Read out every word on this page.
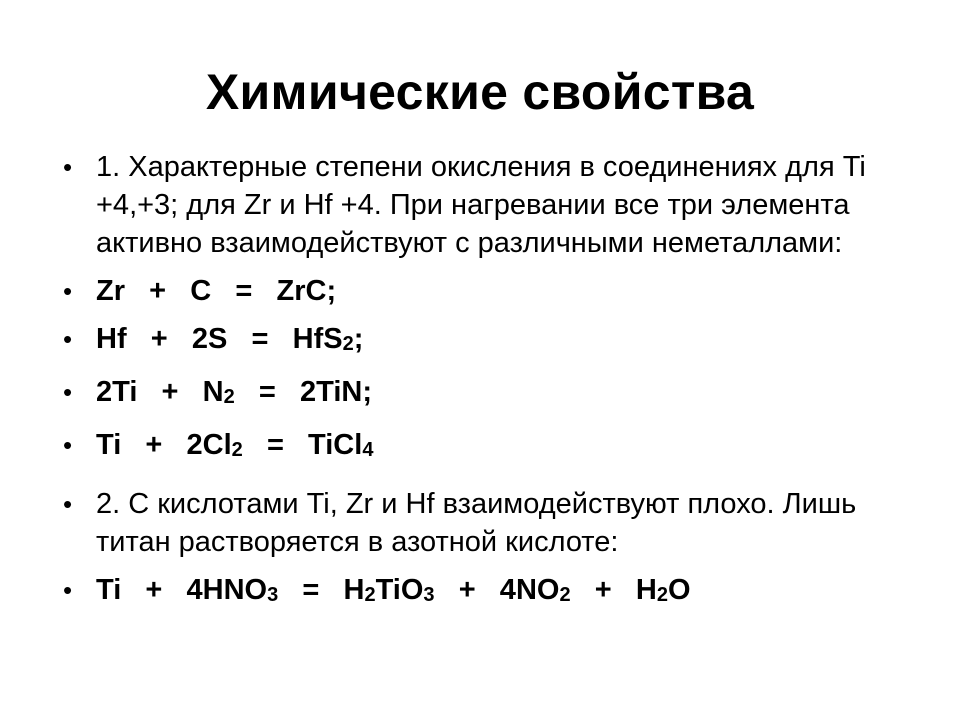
Химические свойства
• 1. Характерные степени окисления в соединениях для Ti +4,+3; для Zr и Hf +4. При нагревании все три элемента активно взаимодействуют с различными неметаллами:
• Zr   +   C   =   ZrC;
• Hf   +   2S   =   HfS2;
• 2Ti   +   N2   =   2TiN;
• Ti   +   2Cl2   =   TiCl4
• 2. С кислотами Ti, Zr и Hf взаимодействуют плохо. Лишь титан растворяется в азотной кислоте:
• Ti   +   4HNO3   =   H2TiO3   +   4NO2   +   H2O
